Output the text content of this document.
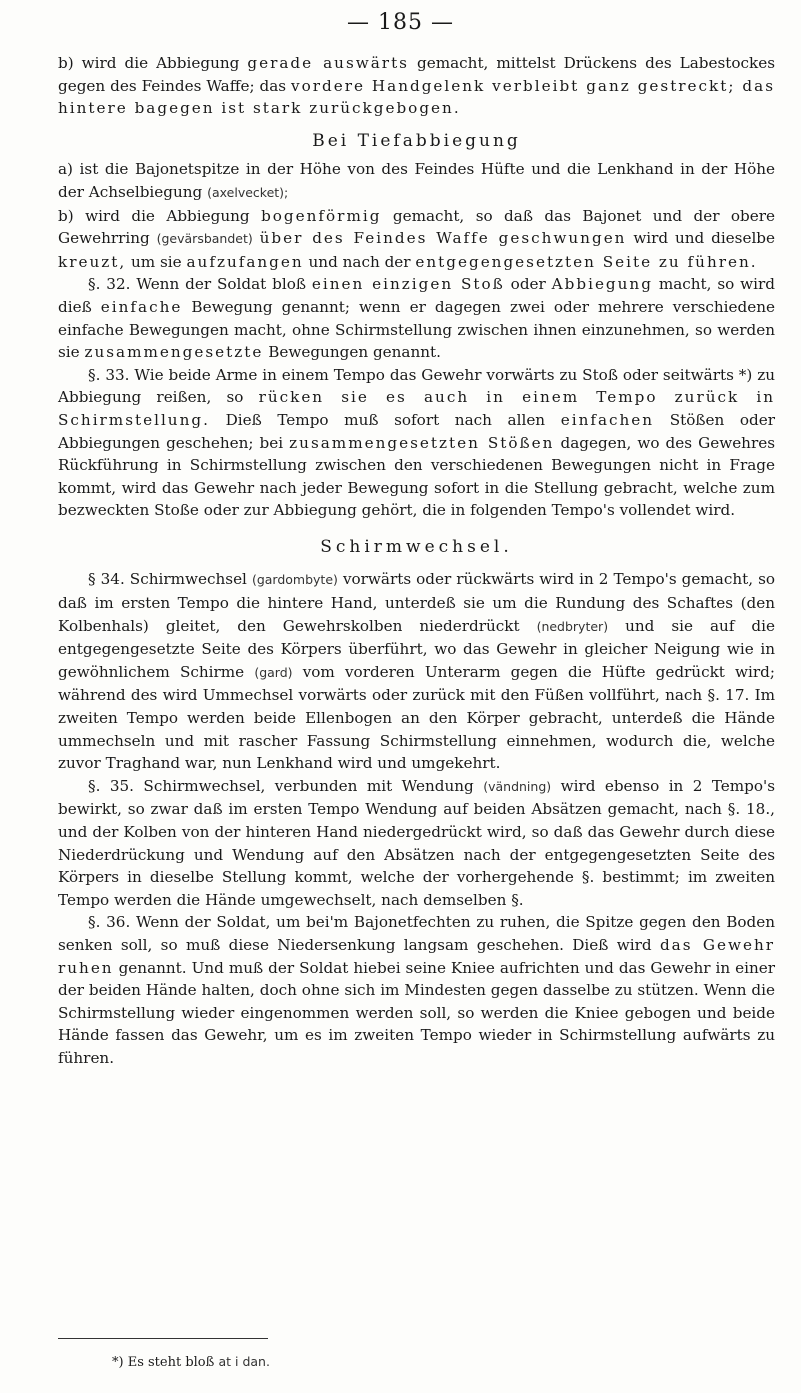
— 185 —

b) wird die Abbiegung gerade auswärts gemacht, mittelst Drückens des Labestockes gegen des Feindes Waffe; das vordere Handgelenk verbleibt ganz gestreckt; das hintere bagegen ist stark zurückgebogen.

Bei Tiefabbiegung

a) ist die Bajonetspitze in der Höhe von des Feindes Hüfte und die Lenkhand in der Höhe der Achselbiegung (axelvecket);

b) wird die Abbiegung bogenförmig gemacht, so daß das Bajonet und der obere Gewehrring (gevärsbandet) über des Feindes Waffe geschwungen wird und dieselbe kreuzt, um sie aufzufangen und nach der entgegengesetzten Seite zu führen.

§. 32. Wenn der Soldat bloß einen einzigen Stoß oder Abbiegung macht, so wird dieß einfache Bewegung genannt; wenn er dagegen zwei oder mehrere verschiedene einfache Bewegungen macht, ohne Schirmstellung zwischen ihnen einzunehmen, so werden sie zusammengesetzte Bewegungen genannt.

§. 33. Wie beide Arme in einem Tempo das Gewehr vorwärts zu Stoß oder seitwärts *) zu Abbiegung reißen, so rücken sie es auch in einem Tempo zurück in Schirmstellung. Dieß Tempo muß sofort nach allen einfachen Stößen oder Abbiegungen geschehen; bei zusammengesetzten Stößen dagegen, wo des Gewehres Rückführung in Schirmstellung zwischen den verschiedenen Bewegungen nicht in Frage kommt, wird das Gewehr nach jeder Bewegung sofort in die Stellung gebracht, welche zum bezweckten Stoße oder zur Abbiegung gehört, die in folgenden Tempo's vollendet wird.

Schirmwechsel.

§ 34. Schirmwechsel (gardombyte) vorwärts oder rückwärts wird in 2 Tempo's gemacht, so daß im ersten Tempo die hintere Hand, unterdeß sie um die Rundung des Schaftes (den Kolbenhals) gleitet, den Gewehrskolben niederdrückt (nedbryter) und sie auf die entgegengesetzte Seite des Körpers überführt, wo das Gewehr in gleicher Neigung wie in gewöhnlichem Schirme (gard) vom vorderen Unterarm gegen die Hüfte gedrückt wird; während des wird Ummechsel vorwärts oder zurück mit den Füßen vollführt, nach §. 17. Im zweiten Tempo werden beide Ellenbogen an den Körper gebracht, unterdeß die Hände ummechseln und mit rascher Fassung Schirmstellung einnehmen, wodurch die, welche zuvor Traghand war, nun Lenkhand wird und umgekehrt.

§. 35. Schirmwechsel, verbunden mit Wendung (vändning) wird ebenso in 2 Tempo's bewirkt, so zwar daß im ersten Tempo Wendung auf beiden Absätzen gemacht, nach §. 18., und der Kolben von der hinteren Hand niedergedrückt wird, so daß das Gewehr durch diese Niederdrückung und Wendung auf den Absätzen nach der entgegengesetzten Seite des Körpers in dieselbe Stellung kommt, welche der vorhergehende §. bestimmt; im zweiten Tempo werden die Hände umgewechselt, nach demselben §.

§. 36. Wenn der Soldat, um bei'm Bajonetfechten zu ruhen, die Spitze gegen den Boden senken soll, so muß diese Niedersenkung langsam geschehen. Dieß wird das Gewehr ruhen genannt. Und muß der Soldat hiebei seine Kniee aufrichten und das Gewehr in einer der beiden Hände halten, doch ohne sich im Mindesten gegen dasselbe zu stützen. Wenn die Schirmstellung wieder eingenommen werden soll, so werden die Kniee gebogen und beide Hände fassen das Gewehr, um es im zweiten Tempo wieder in Schirmstellung aufwärts zu führen.

*) Es steht bloß at i dan.
